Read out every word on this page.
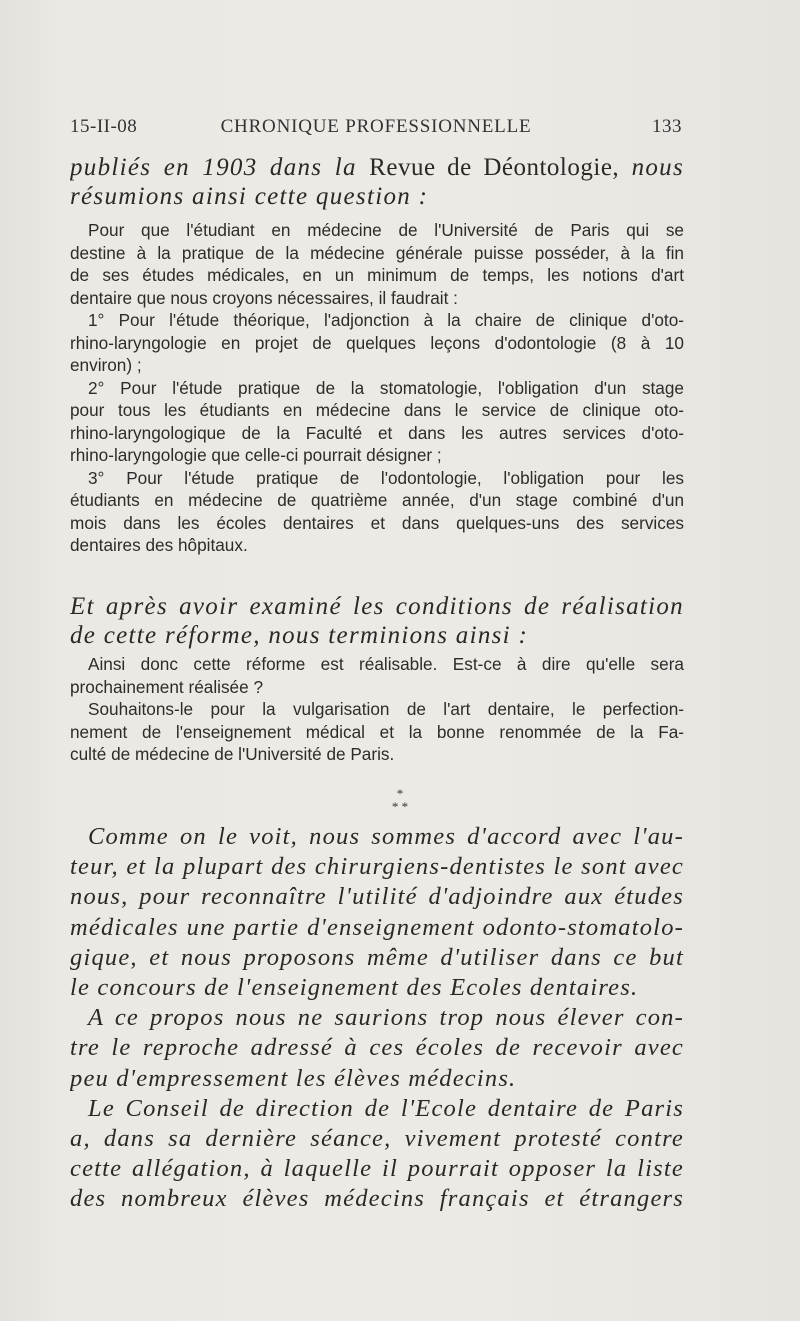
15-II-08	CHRONIQUE PROFESSIONNELLE	133
publiés en 1903 dans la Revue de Déontologie, nous
résumions ainsi cette question :
Pour que l'étudiant en médecine de l'Université de Paris qui se
destine à la pratique de la médecine générale puisse posséder, à la fin
de ses études médicales, en un minimum de temps, les notions d'art
dentaire que nous croyons nécessaires, il faudrait :
1° Pour l'étude théorique, l'adjonction à la chaire de clinique d'oto-
rhino-laryngologie en projet de quelques leçons d'odontologie (8 à 10
environ) ;
2° Pour l'étude pratique de la stomatologie, l'obligation d'un stage
pour tous les étudiants en médecine dans le service de clinique oto-
rhino-laryngologique de la Faculté et dans les autres services d'oto-
rhino-laryngologie que celle-ci pourrait désigner ;
3° Pour l'étude pratique de l'odontologie, l'obligation pour les
étudiants en médecine de quatrième année, d'un stage combiné d'un
mois dans les écoles dentaires et dans quelques-uns des services
dentaires des hôpitaux.
Et après avoir examiné les conditions de réalisation
de cette réforme, nous terminions ainsi :
Ainsi donc cette réforme est réalisable. Est-ce à dire qu'elle sera
prochainement réalisée ?
Souhaitons-le pour la vulgarisation de l'art dentaire, le perfection-
nement de l'enseignement médical et la bonne renommée de la Fa-
culté de médecine de l'Université de Paris.
*
* *
Comme on le voit, nous sommes d'accord avec l'au-
teur, et la plupart des chirurgiens-dentistes le sont avec
nous, pour reconnaître l'utilité d'adjoindre aux études
médicales une partie d'enseignement odonto-stomatolo-
gique, et nous proposons même d'utiliser dans ce but
le concours de l'enseignement des Ecoles dentaires.
A ce propos nous ne saurions trop nous élever con-
tre le reproche adressé à ces écoles de recevoir avec
peu d'empressement les élèves médecins.
Le Conseil de direction de l'Ecole dentaire de Paris
a, dans sa dernière séance, vivement protesté contre
cette allégation, à laquelle il pourrait opposer la liste
des nombreux élèves médecins français et étrangers
